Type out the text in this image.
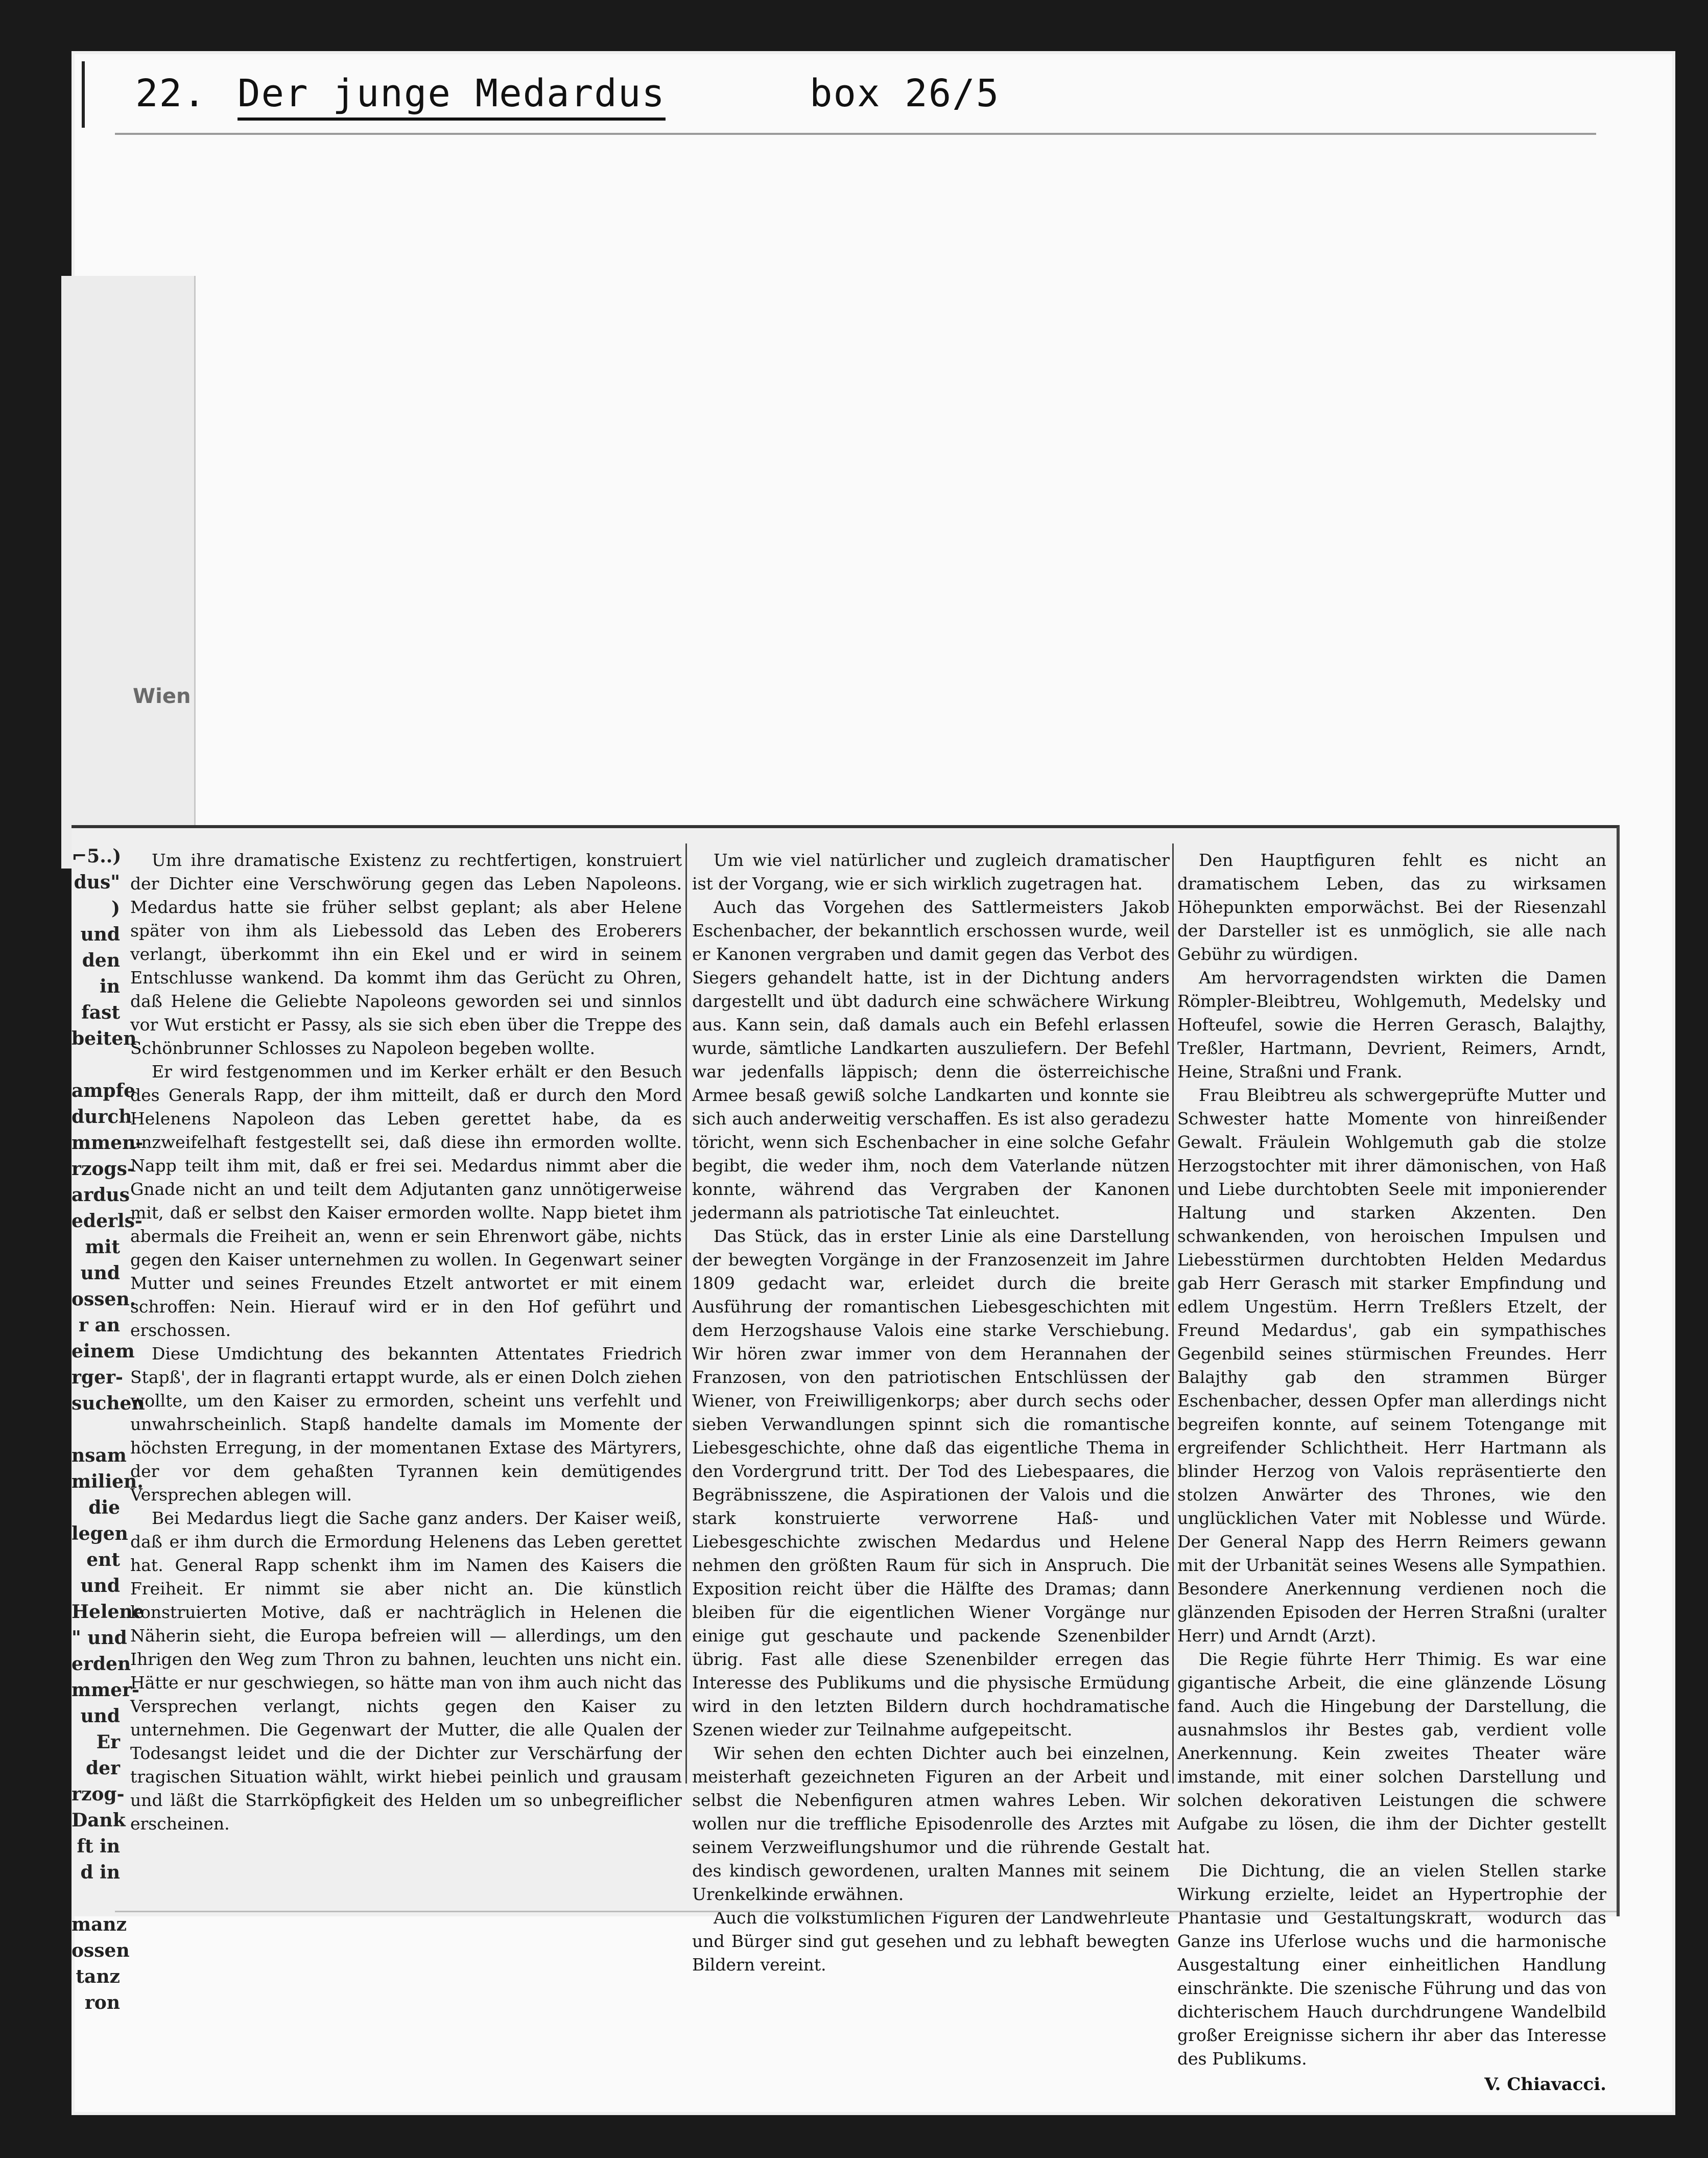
22. Der junge Medardus	box 26/5
Wien
⌐5..)
dus"
)
und
den
in
fast
beiten

ampfe
durch
mmen-
rzogs-
ardus
ederls-
mit
und
ossen.
r an
einem
rger-
suchen

nsam
milien.
die
legen
ent
und
Helene
" und
erden
mmer-
und
Er
der
rzog-
Dank
ft in
d in

manz
ossen
tanz
ron

Um ihre dramatische Existenz zu rechtfertigen, konstruiert der Dichter eine Verschwörung gegen das Leben Napoleons. Medardus hatte sie früher selbst geplant; als aber Helene später von ihm als Liebessold das Leben des Eroberers verlangt, überkommt ihn ein Ekel und er wird in seinem Entschlusse wankend. Da kommt ihm das Gerücht zu Ohren, daß Helene die Geliebte Napoleons geworden sei und sinnlos vor Wut ersticht er Passy, als sie sich eben über die Treppe des Schönbrunner Schlosses zu Napoleon begeben wollte.

Er wird festgenommen und im Kerker erhält er den Besuch des Generals Rapp, der ihm mitteilt, daß er durch den Mord Helenens Napoleon das Leben gerettet habe, da es unzweifelhaft festgestellt sei, daß diese ihn ermorden wollte. Napp teilt ihm mit, daß er frei sei. Medardus nimmt aber die Gnade nicht an und teilt dem Adjutanten ganz unnötigerweise mit, daß er selbst den Kaiser ermorden wollte. Napp bietet ihm abermals die Freiheit an, wenn er sein Ehrenwort gäbe, nichts gegen den Kaiser unternehmen zu wollen. In Gegenwart seiner Mutter und seines Freundes Etzelt antwortet er mit einem schroffen: Nein. Hierauf wird er in den Hof geführt und erschossen.

Diese Umdichtung des bekannten Attentates Friedrich Stapß', der in flagranti ertappt wurde, als er einen Dolch ziehen wollte, um den Kaiser zu ermorden, scheint uns verfehlt und unwahrscheinlich. Stapß handelte damals im Momente der höchsten Erregung, in der momentanen Extase des Märtyrers, der vor dem gehaßten Tyrannen kein demütigendes Versprechen ablegen will.

Bei Medardus liegt die Sache ganz anders. Der Kaiser weiß, daß er ihm durch die Ermordung Helenens das Leben gerettet hat. General Rapp schenkt ihm im Namen des Kaisers die Freiheit. Er nimmt sie aber nicht an. Die künstlich konstruierten Motive, daß er nachträglich in Helenen die Näherin sieht, die Europa befreien will — allerdings, um den Ihrigen den Weg zum Thron zu bahnen, leuchten uns nicht ein. Hätte er nur geschwiegen, so hätte man von ihm auch nicht das Versprechen verlangt, nichts gegen den Kaiser zu unternehmen. Die Gegenwart der Mutter, die alle Qualen der Todesangst leidet und die der Dichter zur Verschärfung der tragischen Situation wählt, wirkt hiebei peinlich und grausam und läßt die Starrköpfigkeit des Helden um so unbegreiflicher erscheinen.

Um wie viel natürlicher und zugleich dramatischer ist der Vorgang, wie er sich wirklich zugetragen hat.

Auch das Vorgehen des Sattlermeisters Jakob Eschenbacher, der bekanntlich erschossen wurde, weil er Kanonen vergraben und damit gegen das Verbot des Siegers gehandelt hatte, ist in der Dichtung anders dargestellt und übt dadurch eine schwächere Wirkung aus. Kann sein, daß damals auch ein Befehl erlassen wurde, sämtliche Landkarten auszuliefern. Der Befehl war jedenfalls läppisch; denn die österreichische Armee besaß gewiß solche Landkarten und konnte sie sich auch anderweitig verschaffen. Es ist also geradezu töricht, wenn sich Eschenbacher in eine solche Gefahr begibt, die weder ihm, noch dem Vaterlande nützen konnte, während das Vergraben der Kanonen jedermann als patriotische Tat einleuchtet.

Das Stück, das in erster Linie als eine Darstellung der bewegten Vorgänge in der Franzosenzeit im Jahre 1809 gedacht war, erleidet durch die breite Ausführung der romantischen Liebesgeschichten mit dem Herzogshause Valois eine starke Verschiebung. Wir hören zwar immer von dem Herannahen der Franzosen, von den patriotischen Entschlüssen der Wiener, von Freiwilligenkorps; aber durch sechs oder sieben Verwandlungen spinnt sich die romantische Liebesgeschichte, ohne daß das eigentliche Thema in den Vordergrund tritt. Der Tod des Liebespaares, die Begräbnisszene, die Aspirationen der Valois und die stark konstruierte verworrene Haß- und Liebesgeschichte zwischen Medardus und Helene nehmen den größten Raum für sich in Anspruch. Die Exposition reicht über die Hälfte des Dramas; dann bleiben für die eigentlichen Wiener Vorgänge nur einige gut geschaute und packende Szenenbilder übrig. Fast alle diese Szenenbilder erregen das Interesse des Publikums und die physische Ermüdung wird in den letzten Bildern durch hochdramatische Szenen wieder zur Teilnahme aufgepeitscht.

Wir sehen den echten Dichter auch bei einzelnen, meisterhaft gezeichneten Figuren an der Arbeit und selbst die Nebenfiguren atmen wahres Leben. Wir wollen nur die treffliche Episodenrolle des Arztes mit seinem Verzweiflungshumor und die rührende Gestalt des kindisch gewordenen, uralten Mannes mit seinem Urenkelkinde erwähnen.

Auch die volkstümlichen Figuren der Landwehrleute und Bürger sind gut gesehen und zu lebhaft bewegten Bildern vereint.

Den Hauptfiguren fehlt es nicht an dramatischem Leben, das zu wirksamen Höhepunkten emporwächst. Bei der Riesenzahl der Darsteller ist es unmöglich, sie alle nach Gebühr zu würdigen.

Am hervorragendsten wirkten die Damen Römpler-Bleibtreu, Wohlgemuth, Medelsky und Hofteufel, sowie die Herren Gerasch, Balajthy, Treßler, Hartmann, Devrient, Reimers, Arndt, Heine, Straßni und Frank.

Frau Bleibtreu als schwergeprüfte Mutter und Schwester hatte Momente von hinreißender Gewalt. Fräulein Wohlgemuth gab die stolze Herzogstochter mit ihrer dämonischen, von Haß und Liebe durchtobten Seele mit imponierender Haltung und starken Akzenten. Den schwankenden, von heroischen Impulsen und Liebesstürmen durchtobten Helden Medardus gab Herr Gerasch mit starker Empfindung und edlem Ungestüm. Herrn Treßlers Etzelt, der Freund Medardus', gab ein sympathisches Gegenbild seines stürmischen Freundes. Herr Balajthy gab den strammen Bürger Eschenbacher, dessen Opfer man allerdings nicht begreifen konnte, auf seinem Totengange mit ergreifender Schlichtheit. Herr Hartmann als blinder Herzog von Valois repräsentierte den stolzen Anwärter des Thrones, wie den unglücklichen Vater mit Noblesse und Würde. Der General Napp des Herrn Reimers gewann mit der Urbanität seines Wesens alle Sympathien. Besondere Anerkennung verdienen noch die glänzenden Episoden der Herren Straßni (uralter Herr) und Arndt (Arzt).

Die Regie führte Herr Thimig. Es war eine gigantische Arbeit, die eine glänzende Lösung fand. Auch die Hingebung der Darstellung, die ausnahmslos ihr Bestes gab, verdient volle Anerkennung. Kein zweites Theater wäre imstande, mit einer solchen Darstellung und solchen dekorativen Leistungen die schwere Aufgabe zu lösen, die ihm der Dichter gestellt hat.

Die Dichtung, die an vielen Stellen starke Wirkung erzielte, leidet an Hypertrophie der Phantasie und Gestaltungskraft, wodurch das Ganze ins Uferlose wuchs und die harmonische Ausgestaltung einer einheitlichen Handlung einschränkte. Die szenische Führung und das von dichterischem Hauch durchdrungene Wandelbild großer Ereignisse sichern ihr aber das Interesse des Publikums.

V. Chiavacci.
